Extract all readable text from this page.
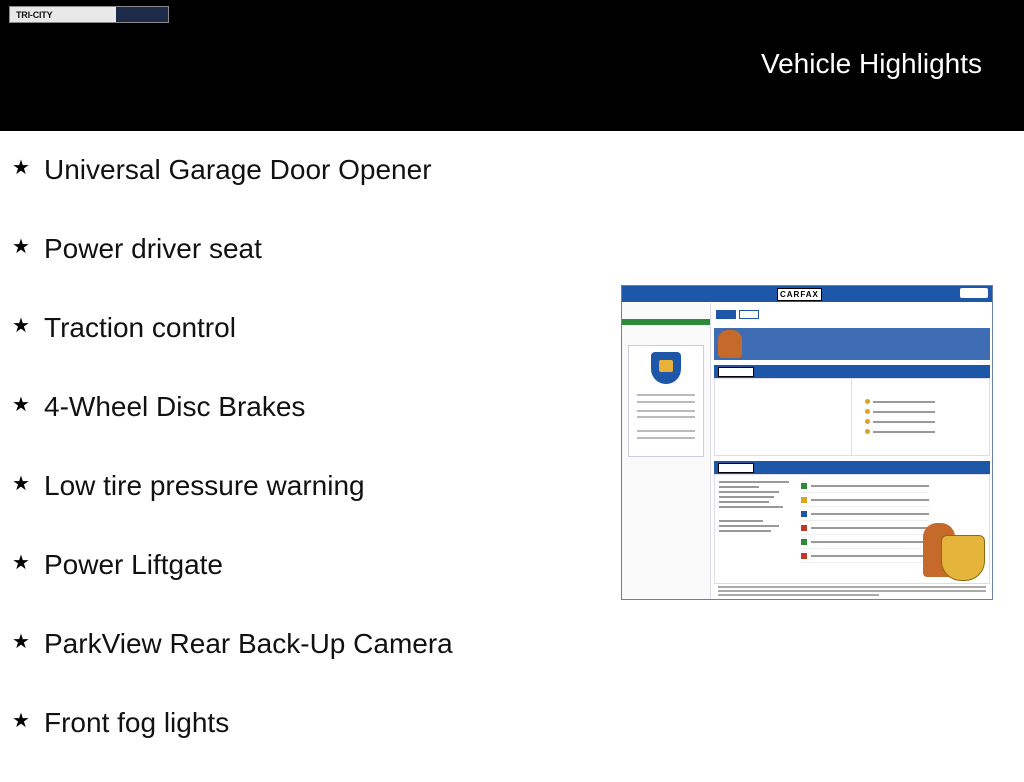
TRI-CITY
Vehicle Highlights
★ Universal Garage Door Opener
★ Power driver seat
★ Traction control
★ 4-Wheel Disc Brakes
★ Low tire pressure warning
★ Power Liftgate
★ ParkView Rear Back-Up Camera
★ Front fog lights
CARFAX
